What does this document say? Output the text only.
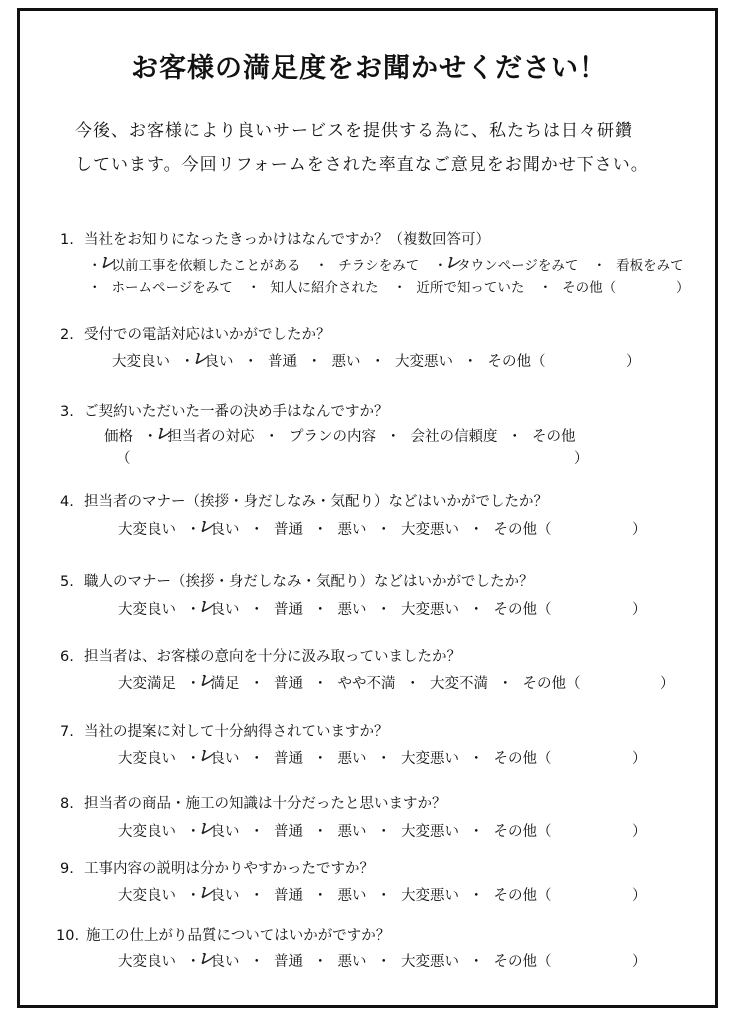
お客様の満足度をお聞かせください！
今後、お客様により良いサービスを提供する為に、私たちは日々研鑽
しています。今回リフォームをされた率直なご意見をお聞かせ下さい。
1. 当社をお知りになったきっかけはなんですか？（複数回答可）
・
レ
以前工事を依頼したことがある ・ チラシをみて ・
レ
タウンページをみて ・ 看板をみて
・ ホームページをみて ・ 知人に紹介された ・ 近所で知っていた ・ その他（	）
2. 受付での電話対応はいかがでしたか？
大変良い ・
レ
良い ・ 普通 ・ 悪い ・ 大変悪い ・ その他（	）
3. ご契約いただいた一番の決め手はなんですか？
価格 ・
レ
担当者の対応 ・ プランの内容 ・ 会社の信頼度 ・ その他
（	）
4. 担当者のマナー（挨拶・身だしなみ・気配り）などはいかがでしたか？
大変良い ・
レ
良い ・ 普通 ・ 悪い ・ 大変悪い ・ その他（	）
5. 職人のマナー（挨拶・身だしなみ・気配り）などはいかがでしたか？
大変良い ・
レ
良い ・ 普通 ・ 悪い ・ 大変悪い ・ その他（	）
6. 担当者は、お客様の意向を十分に汲み取っていましたか？
大変満足 ・
レ
満足 ・ 普通 ・ やや不満 ・ 大変不満 ・ その他（	）
7. 当社の提案に対して十分納得されていますか？
大変良い ・
レ
良い ・ 普通 ・ 悪い ・ 大変悪い ・ その他（	）
8. 担当者の商品・施工の知識は十分だったと思いますか？
大変良い ・
レ
良い ・ 普通 ・ 悪い ・ 大変悪い ・ その他（	）
9. 工事内容の説明は分かりやすかったですか？
大変良い ・
レ
良い ・ 普通 ・ 悪い ・ 大変悪い ・ その他（	）
10. 施工の仕上がり品質についてはいかがですか？
大変良い ・
レ
良い ・ 普通 ・ 悪い ・ 大変悪い ・ その他（	）
